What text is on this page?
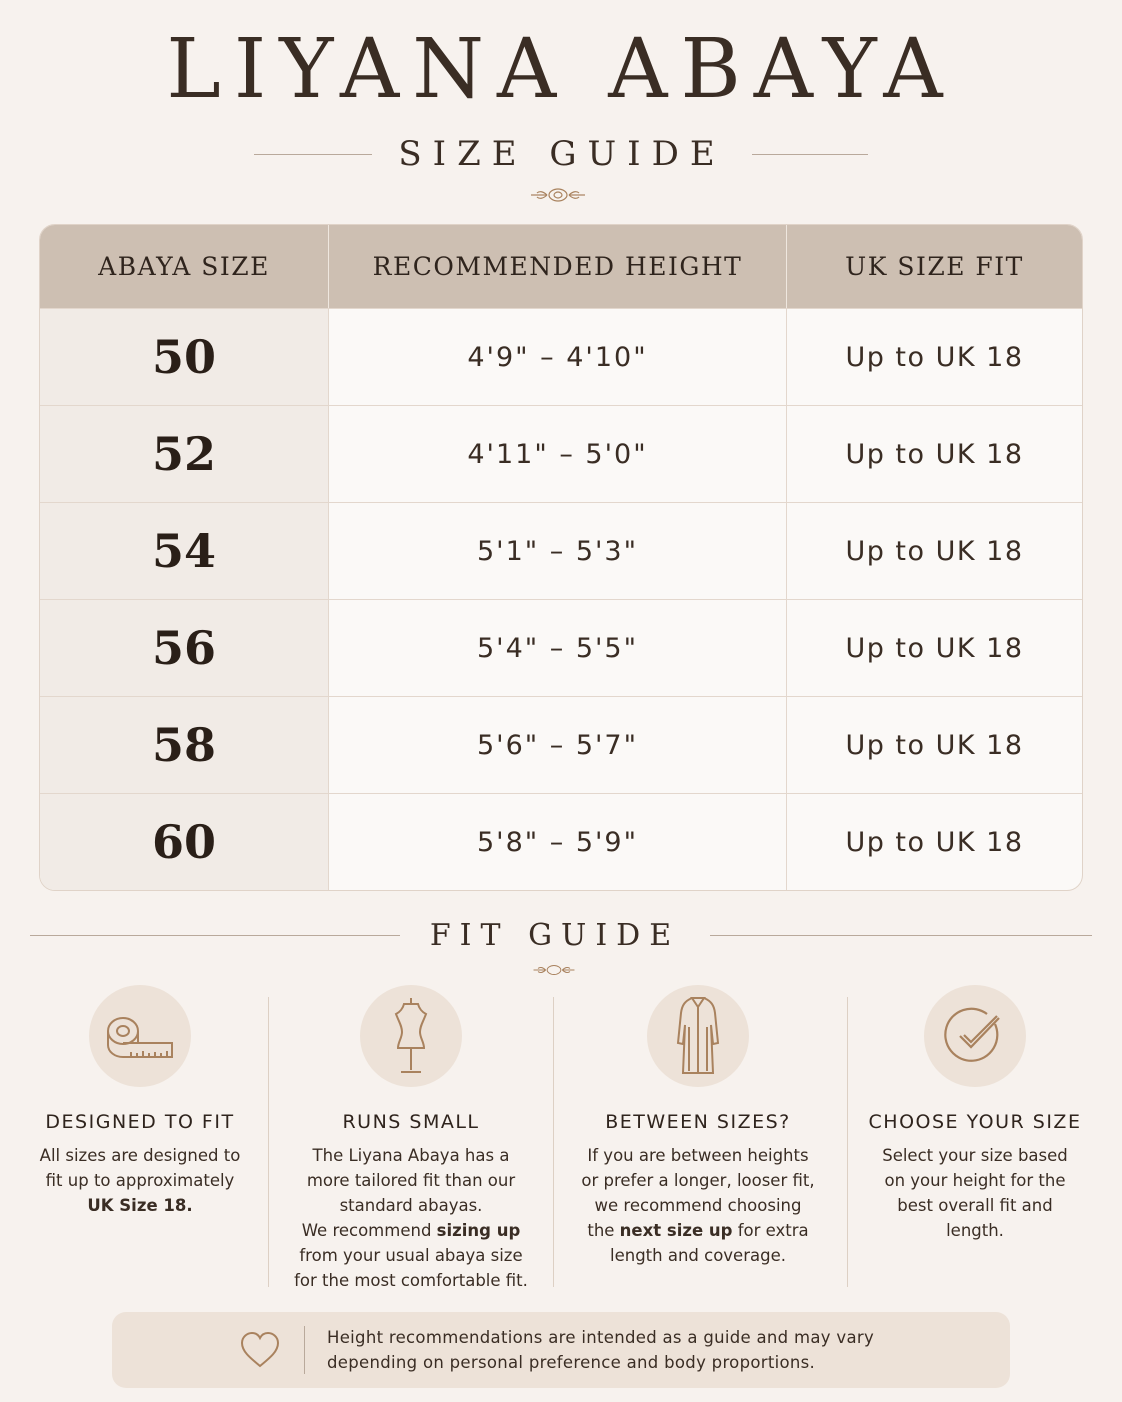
LIYANA ABAYA
SIZE GUIDE
ABAYA SIZE	RECOMMENDED HEIGHT	UK SIZE FIT
50	4'9" – 4'10"	Up to UK 18
52	4'11" – 5'0"	Up to UK 18
54	5'1" – 5'3"	Up to UK 18
56	5'4" – 5'5"	Up to UK 18
58	5'6" – 5'7"	Up to UK 18
60	5'8" – 5'9"	Up to UK 18
FIT GUIDE
DESIGNED TO FIT
All sizes are designed to
fit up to approximately
UK Size 18.
RUNS SMALL
The Liyana Abaya has a
more tailored fit than our
standard abayas.
We recommend sizing up
from your usual abaya size
for the most comfortable fit.
BETWEEN SIZES?
If you are between heights
or prefer a longer, looser fit,
we recommend choosing
the next size up for extra
length and coverage.
CHOOSE YOUR SIZE
Select your size based
on your height for the
best overall fit and
length.
Height recommendations are intended as a guide and may vary
depending on personal preference and body proportions.
